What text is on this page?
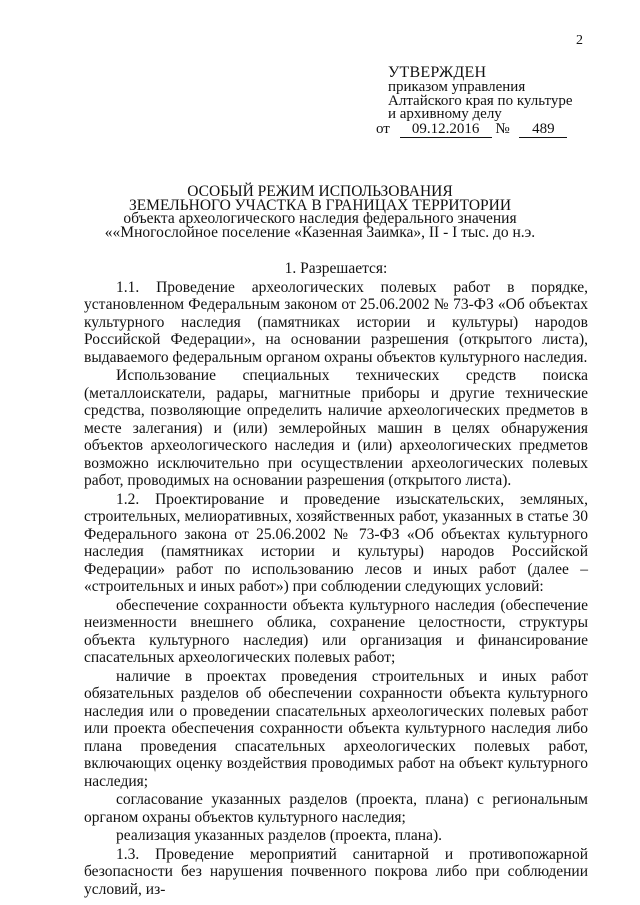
2
УТВЕРЖДЕН
приказом управления
Алтайского края по культуре
и архивному делу
от 09.12.2016 № 489
ОСОБЫЙ РЕЖИМ ИСПОЛЬЗОВАНИЯ
ЗЕМЕЛЬНОГО УЧАСТКА В ГРАНИЦАХ ТЕРРИТОРИИ
объекта археологического наследия федерального значения
««Многослойное поселение «Казенная Заимка», II - I тыс. до н.э.
1. Разрешается:

1.1. Проведение археологических полевых работ в порядке, установленном Федеральным законом от 25.06.2002 № 73-ФЗ «Об объектах культурного наследия (памятниках истории и культуры) народов Российской Федерации», на основании разрешения (открытого листа), выдаваемого федеральным органом охраны объектов культурного наследия.

Использование специальных технических средств поиска (металлоискатели, радары, магнитные приборы и другие технические средства, позволяющие определить наличие археологических предметов в месте залегания) и (или) землеройных машин в целях обнаружения объектов археологического наследия и (или) археологических предметов возможно исключительно при осуществлении археологических полевых работ, проводимых на основании разрешения (открытого листа).

1.2. Проектирование и проведение изыскательских, земляных, строительных, мелиоративных, хозяйственных работ, указанных в статье 30 Федерального закона от 25.06.2002 № 73-ФЗ «Об объектах культурного наследия (памятниках истории и культуры) народов Российской Федерации» работ по использованию лесов и иных работ (далее – «строительных и иных работ») при соблюдении следующих условий:

обеспечение сохранности объекта культурного наследия (обеспечение неизменности внешнего облика, сохранение целостности, структуры объекта культурного наследия) или организация и финансирование спасательных археологических полевых работ;

наличие в проектах проведения строительных и иных работ обязательных разделов об обеспечении сохранности объекта культурного наследия или о проведении спасательных археологических полевых работ или проекта обеспечения сохранности объекта культурного наследия либо плана проведения спасательных археологических полевых работ, включающих оценку воздействия проводимых работ на объект культурного наследия;

согласование указанных разделов (проекта, плана) с региональным органом охраны объектов культурного наследия;

реализация указанных разделов (проекта, плана).

1.3. Проведение мероприятий санитарной и противопожарной безопасности без нарушения почвенного покрова либо при соблюдении условий, из-
